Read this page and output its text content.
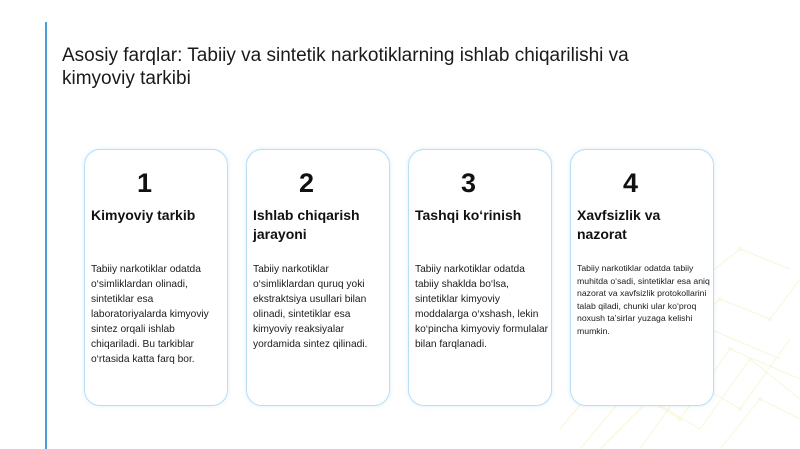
Asosiy farqlar: Tabiiy va sintetik narkotiklarning ishlab chiqarilishi va kimyoviy tarkibi
1
Kimyoviy tarkib
Tabiiy narkotiklar odatda o‘simliklardan olinadi, sintetiklar esa laboratoriyalarda kimyoviy sintez orqali ishlab chiqariladi. Bu tarkiblar o‘rtasida katta farq bor.
2
Ishlab chiqarish jarayoni
Tabiiy narkotiklar o‘simliklardan quruq yoki ekstraktsiya usullari bilan olinadi, sintetiklar esa kimyoviy reaksiyalar yordamida sintez qilinadi.
3
Tashqi ko‘rinish
Tabiiy narkotiklar odatda tabiiy shaklda bo‘lsa, sintetiklar kimyoviy moddalarga o‘xshash, lekin ko‘pincha kimyoviy formulalar bilan farqlanadi.
4
Xavfsizlik va nazorat
Tabiiy narkotiklar odatda tabiiy muhitda o‘sadi, sintetiklar esa aniq nazorat va xavfsizlik protokollarini talab qiladi, chunki ular ko‘proq noxush ta’sirlar yuzaga kelishi mumkin.
